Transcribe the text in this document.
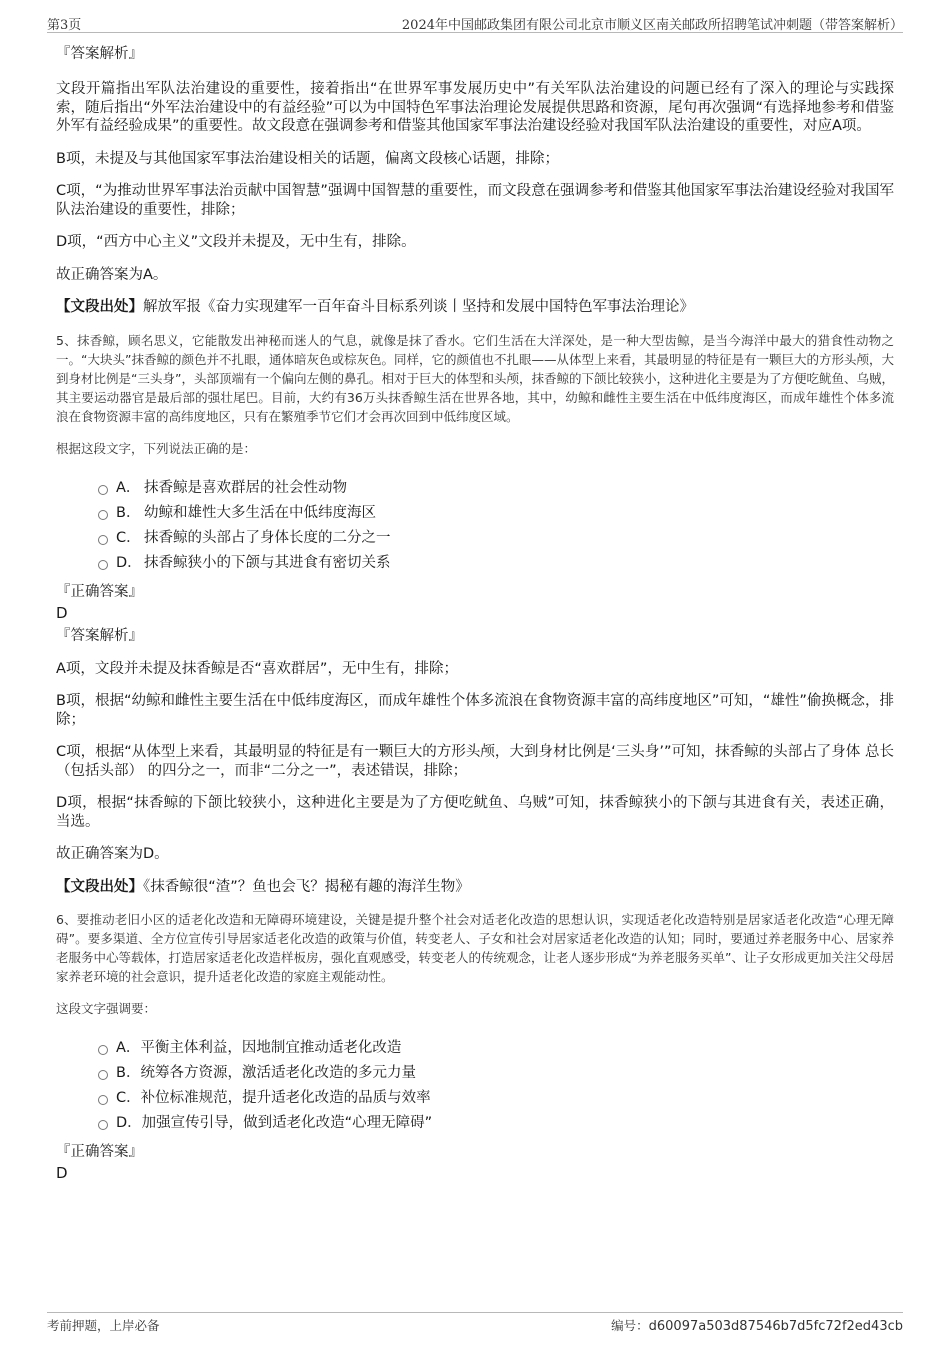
第3页	2024年中国邮政集团有限公司北京市顺义区南关邮政所招聘笔试冲刺题（带答案解析）
『答案解析』
文段开篇指出军队法治建设的重要性，接着指出“在世界军事发展历史中”有关军队法治建设的问题已经有了深入的理论与实践探索，随后指出“外军法治建设中的有益经验”可以为中国特色军事法治理论发展提供思路和资源，尾句再次强调“有选择地参考和借鉴外军有益经验成果”的重要性。故文段意在强调参考和借鉴其他国家军事法治建设经验对我国军队法治建设的重要性，对应A项。
B项，未提及与其他国家军事法治建设相关的话题，偏离文段核心话题，排除；
C项，“为推动世界军事法治贡献中国智慧”强调中国智慧的重要性，而文段意在强调参考和借鉴其他国家军事法治建设经验对我国军队法治建设的重要性，排除；
D项，“西方中心主义”文段并未提及，无中生有，排除。
故正确答案为A。
【文段出处】解放军报《奋力实现建军一百年奋斗目标系列谈丨坚持和发展中国特色军事法治理论》
5、抹香鲸，顾名思义，它能散发出神秘而迷人的气息，就像是抹了香水。它们生活在大洋深处，是一种大型齿鲸，是当今海洋中最大的猎食性动物之一。“大块头”抹香鲸的颜色并不扎眼，通体暗灰色或棕灰色。同样，它的颜值也不扎眼——从体型上来看，其最明显的特征是有一颗巨大的方形头颅，大到身材比例是“三头身”，头部顶端有一个偏向左侧的鼻孔。相对于巨大的体型和头颅，抹香鲸的下颌比较狭小，这种进化主要是为了方便吃鱿鱼、乌贼，其主要运动器官是最后部的强壮尾巴。目前，大约有36万头抹香鲸生活在世界各地，其中，幼鲸和雌性主要生活在中低纬度海区，而成年雄性个体多流浪在食物资源丰富的高纬度地区，只有在繁殖季节它们才会再次回到中低纬度区域。
根据这段文字，下列说法正确的是：
A． 抹香鲸是喜欢群居的社会性动物
B． 幼鲸和雄性大多生活在中低纬度海区
C． 抹香鲸的头部占了身体长度的二分之一
D． 抹香鲸狭小的下颌与其进食有密切关系
『正确答案』
D
『答案解析』
A项，文段并未提及抹香鲸是否“喜欢群居”，无中生有，排除；
B项，根据“幼鲸和雌性主要生活在中低纬度海区，而成年雄性个体多流浪在食物资源丰富的高纬度地区”可知，“雄性”偷换概念，排除；
C项，根据“从体型上来看，其最明显的特征是有一颗巨大的方形头颅，大到身材比例是‘三头身’”可知，抹香鲸的头部占了身体 总长（包括头部） 的四分之一，而非“二分之一”，表述错误，排除；
D项，根据“抹香鲸的下颌比较狭小，这种进化主要是为了方便吃鱿鱼、乌贼”可知，抹香鲸狭小的下颌与其进食有关，表述正确，当选。
故正确答案为D。
【文段出处】《抹香鲸很“渣”？鱼也会飞？揭秘有趣的海洋生物》
6、要推动老旧小区的适老化改造和无障碍环境建设，关键是提升整个社会对适老化改造的思想认识，实现适老化改造特别是居家适老化改造“心理无障碍”。要多渠道、全方位宣传引导居家适老化改造的政策与价值，转变老人、子女和社会对居家适老化改造的认知；同时，要通过养老服务中心、居家养老服务中心等载体，打造居家适老化改造样板房，强化直观感受，转变老人的传统观念，让老人逐步形成“为养老服务买单”、让子女形成更加关注父母居家养老环境的社会意识，提升适老化改造的家庭主观能动性。
这段文字强调要：
A．平衡主体利益，因地制宜推动适老化改造
B．统筹各方资源，激活适老化改造的多元力量
C．补位标准规范，提升适老化改造的品质与效率
D．加强宣传引导，做到适老化改造“心理无障碍”
『正确答案』
D
考前押题，上岸必备	编号：d60097a503d87546b7d5fc72f2ed43cb
